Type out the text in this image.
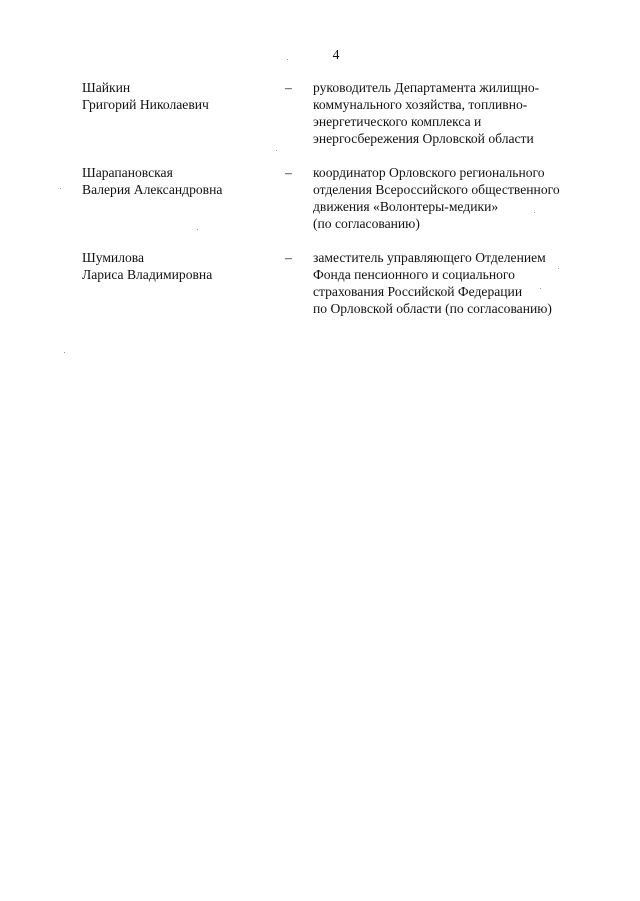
4
Шайкин
Григорий Николаевич
– руководитель Департамента жилищно-
коммунального хозяйства, топливно-
энергетического комплекса и
энергосбережения Орловской области
Шарапановская
Валерия Александровна
– координатор Орловского регионального
отделения Всероссийского общественного
движения «Волонтеры-медики»
(по согласованию)
Шумилова
Лариса Владимировна
– заместитель управляющего Отделением
Фонда пенсионного и социального
страхования Российской Федерации
по Орловской области (по согласованию)
